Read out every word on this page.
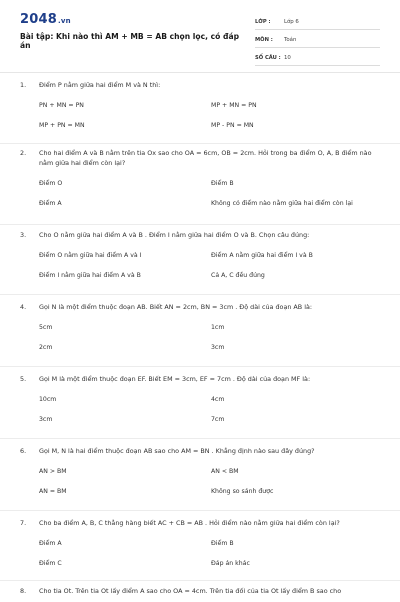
2048.vn
Bài tập: Khi nào thì AM + MB = AB chọn lọc, có đáp án
LỚP :	Lớp 6
MÔN :	Toán
SỐ CÂU : 10
1.	Điểm P nằm giữa hai điểm M và N thì:
PN + MN = PN	MP + MN = PN
MP + PN = MN	MP - PN = MN
2.	Cho hai điểm A và B nằm trên tia Ox sao cho OA = 6cm, OB = 2cm. Hỏi trong ba điểm O, A, B điểm nào nằm giữa hai điểm còn lại?
Điểm O	Điểm B
Điểm A	Không có điểm nào nằm giữa hai điểm còn lại
3.	Cho O nằm giữa hai điểm A và B . Điểm I nằm giữa hai điểm O và B. Chọn câu đúng:
Điểm O nằm giữa hai điểm A và I	Điểm A nằm giữa hai điểm I và B
Điểm I nằm giữa hai điểm A và B	Cả A, C đều đúng
4.	Gọi N là một điểm thuộc đoạn AB. Biết AN = 2cm, BN = 3cm . Độ dài của đoạn AB là:
5cm	1cm
2cm	3cm
5.	Gọi M là một điểm thuộc đoạn EF. Biết EM = 3cm, EF = 7cm . Độ dài của đoạn MF là:
10cm	4cm
3cm	7cm
6.	Gọi M, N là hai điểm thuộc đoạn AB sao cho AM = BN . Khẳng định nào sau đây đúng?
AN > BM	AN < BM
AN = BM	Không so sánh được
7.	Cho ba điểm A, B, C thẳng hàng biết AC + CB = AB . Hỏi điểm nào nằm giữa hai điểm còn lại?
Điểm A	Điểm B
Điểm C	Đáp án khác
8.	Cho tia Ot. Trên tia Ot lấy điểm A sao cho OA = 4cm. Trên tia đối của tia Ot lấy điểm B sao cho
